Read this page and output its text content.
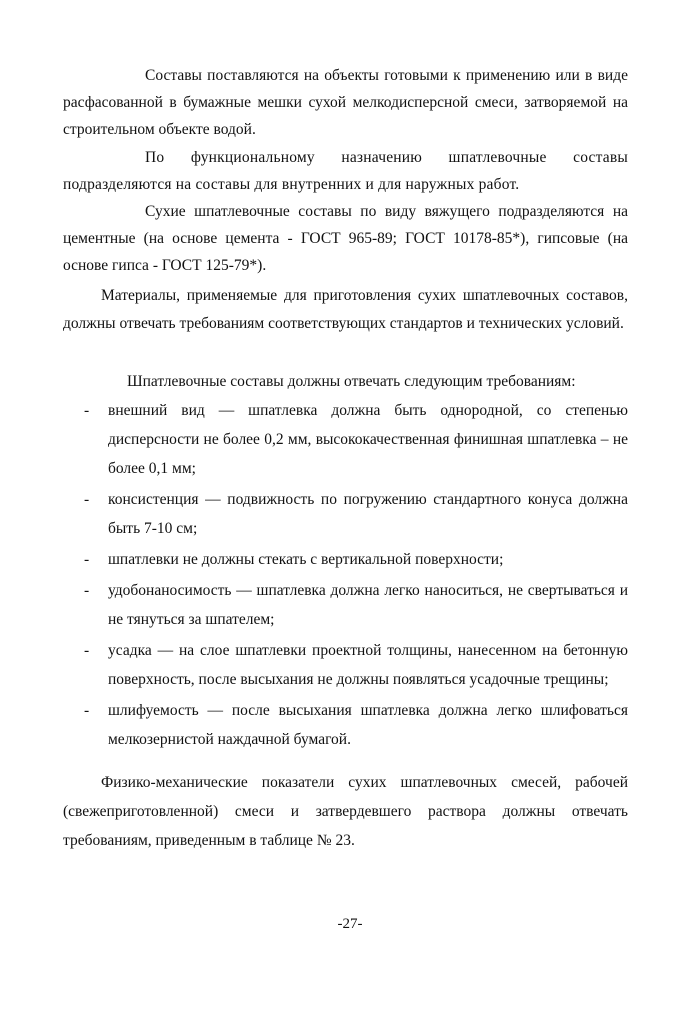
Составы поставляются на объекты готовыми к применению или в виде расфасованной в бумажные мешки сухой мелкодисперсной смеси, затворяемой на строительном объекте водой.

По функциональному назначению шпатлевочные составы подразделяются на составы для внутренних и для наружных работ.

Сухие шпатлевочные составы по виду вяжущего подразделяются на цементные (на основе цемента - ГОСТ 965-89; ГОСТ 10178-85*), гипсовые (на основе гипса - ГОСТ 125-79*).

Материалы, применяемые для приготовления сухих шпатлевочных составов, должны отвечать требованиям соответствующих стандартов и технических условий.

Шпатлевочные составы должны отвечать следующим требованиям:

- внешний вид — шпатлевка должна быть однородной, со степенью дисперсности не более 0,2 мм, высококачественная финишная шпатлевка – не более 0,1 мм;
- консистенция — подвижность по погружению стандартного конуса должна быть 7-10 см;
- шпатлевки не должны стекать с вертикальной поверхности;
- удобонаносимость — шпатлевка должна легко наноситься, не свертываться и не тянуться за шпателем;
- усадка — на слое шпатлевки проектной толщины, нанесенном на бетонную поверхность, после высыхания не должны появляться усадочные трещины;
- шлифуемость — после высыхания шпатлевка должна легко шлифоваться мелкозернистой наждачной бумагой.

Физико-механические показатели сухих шпатлевочных смесей, рабочей (свежеприготовленной) смеси и затвердевшего раствора должны отвечать требованиям, приведенным в таблице № 23.

-27-
